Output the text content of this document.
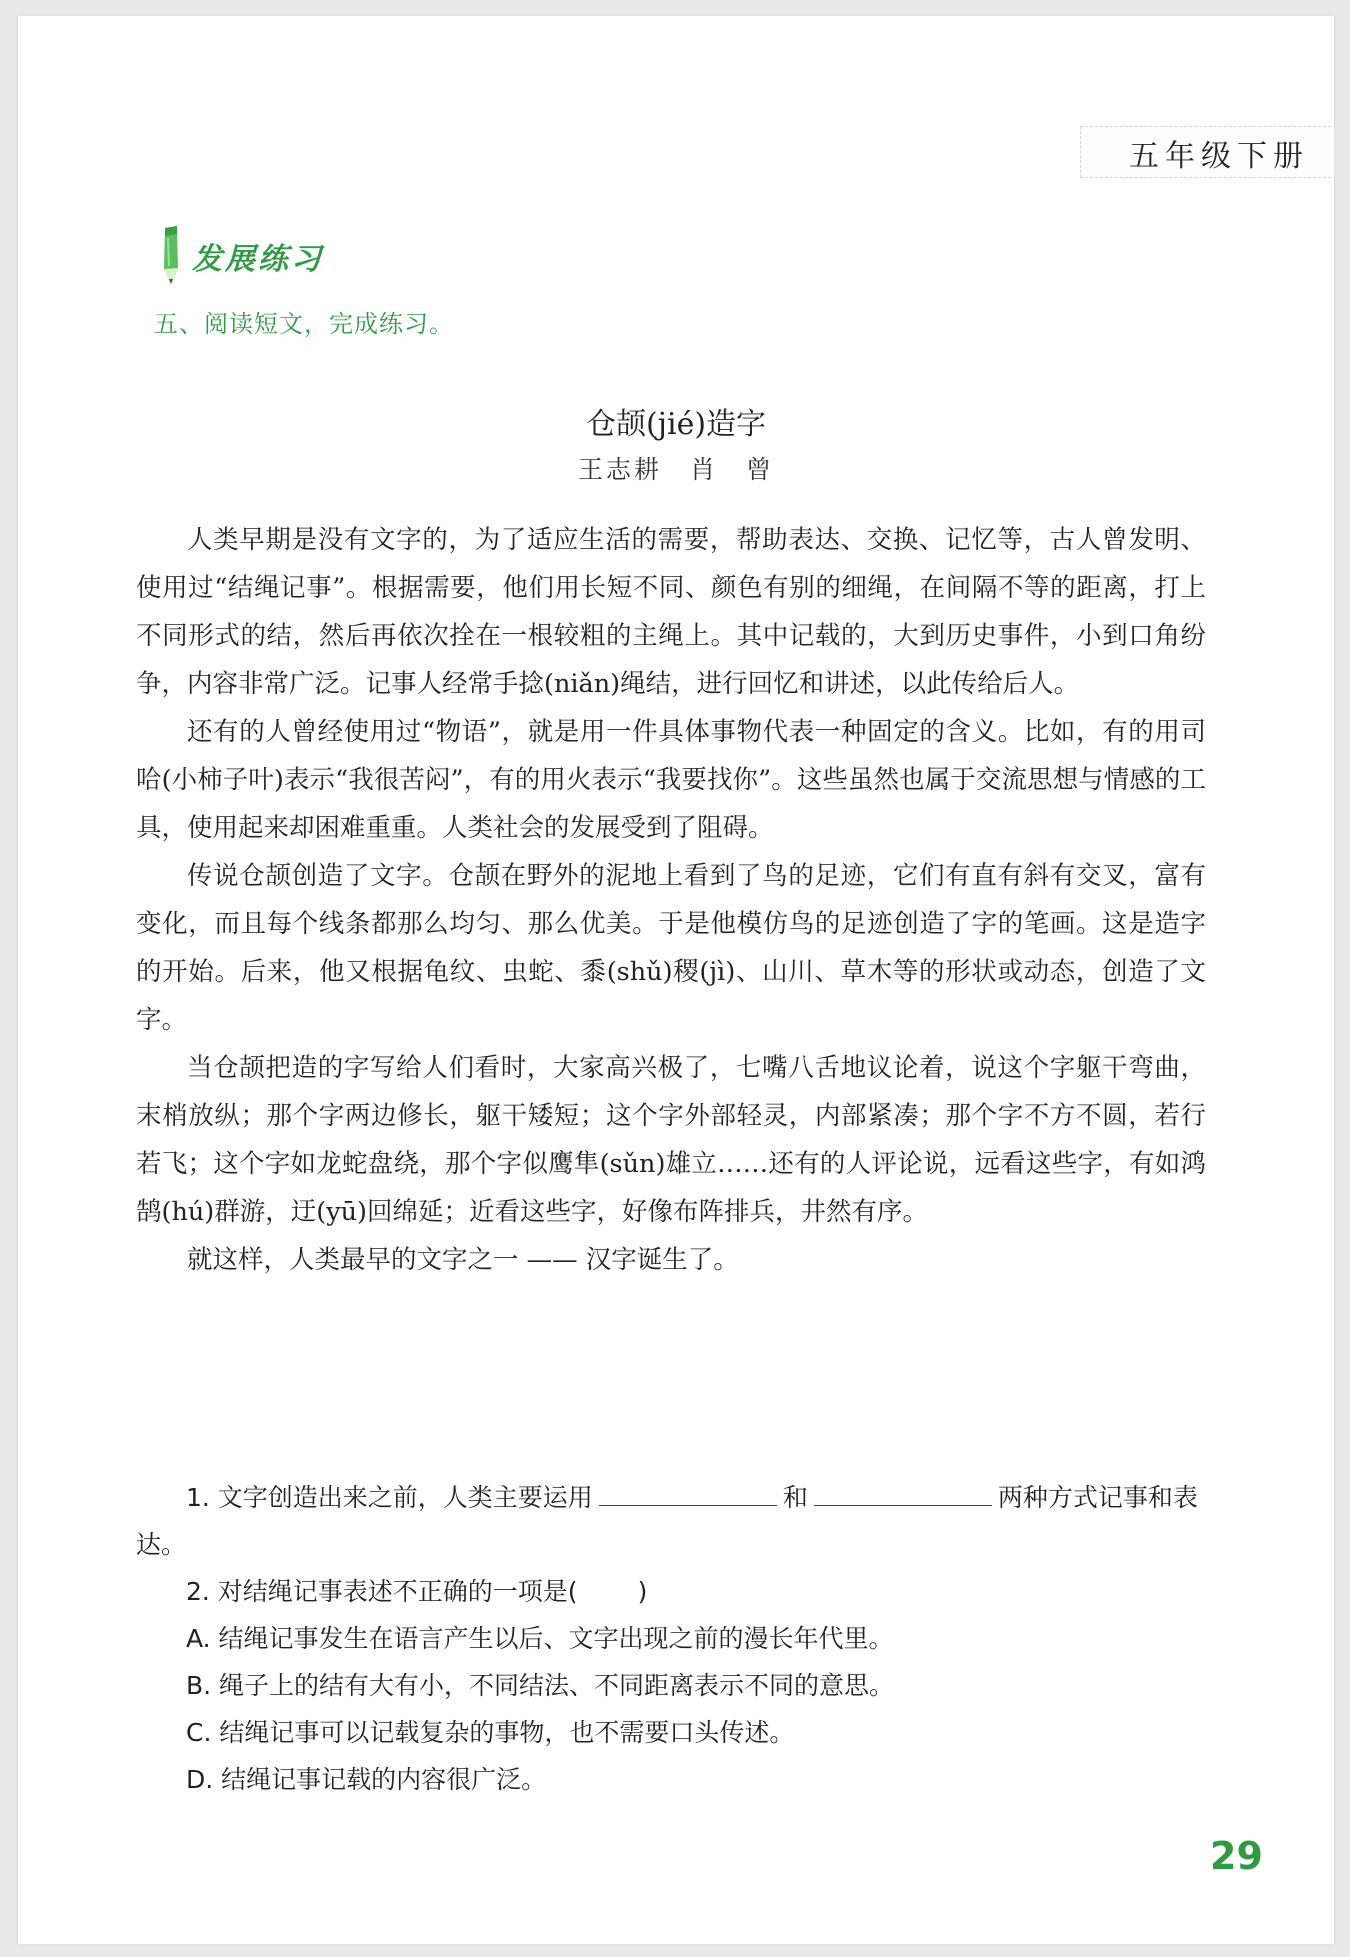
五年级下册
发展练习
五、阅读短文，完成练习。
仓颉(jié)造字
王志耕　肖　曾

人类早期是没有文字的，为了适应生活的需要，帮助表达、交换、记忆等，古人曾发明、使用过“结绳记事”。根据需要，他们用长短不同、颜色有别的细绳，在间隔不等的距离，打上不同形式的结，然后再依次拴在一根较粗的主绳上。其中记载的，大到历史事件，小到口角纷争，内容非常广泛。记事人经常手捻(niǎn)绳结，进行回忆和讲述，以此传给后人。

还有的人曾经使用过“物语”，就是用一件具体事物代表一种固定的含义。比如，有的用司哈(小柿子叶)表示“我很苦闷”，有的用火表示“我要找你”。这些虽然也属于交流思想与情感的工具，使用起来却困难重重。人类社会的发展受到了阻碍。

传说仓颉创造了文字。仓颉在野外的泥地上看到了鸟的足迹，它们有直有斜有交叉，富有变化，而且每个线条都那么均匀、那么优美。于是他模仿鸟的足迹创造了字的笔画。这是造字的开始。后来，他又根据龟纹、虫蛇、黍(shǔ)稷(jì)、山川、草木等的形状或动态，创造了文字。

当仓颉把造的字写给人们看时，大家高兴极了，七嘴八舌地议论着，说这个字躯干弯曲，末梢放纵；那个字两边修长，躯干矮短；这个字外部轻灵，内部紧凑；那个字不方不圆，若行若飞；这个字如龙蛇盘绕，那个字似鹰隼(sǔn)雄立……还有的人评论说，远看这些字，有如鸿鹄(hú)群游，迂(yū)回绵延；近看这些字，好像布阵排兵，井然有序。

就这样，人类最早的文字之一 —— 汉字诞生了。

1. 文字创造出来之前，人类主要运用	和	两种方式记事和表达。

2. 对结绳记事表述不正确的一项是( )

A. 结绳记事发生在语言产生以后、文字出现之前的漫长年代里。

B. 绳子上的结有大有小，不同结法、不同距离表示不同的意思。

C. 结绳记事可以记载复杂的事物，也不需要口头传述。

D. 结绳记事记载的内容很广泛。

29
